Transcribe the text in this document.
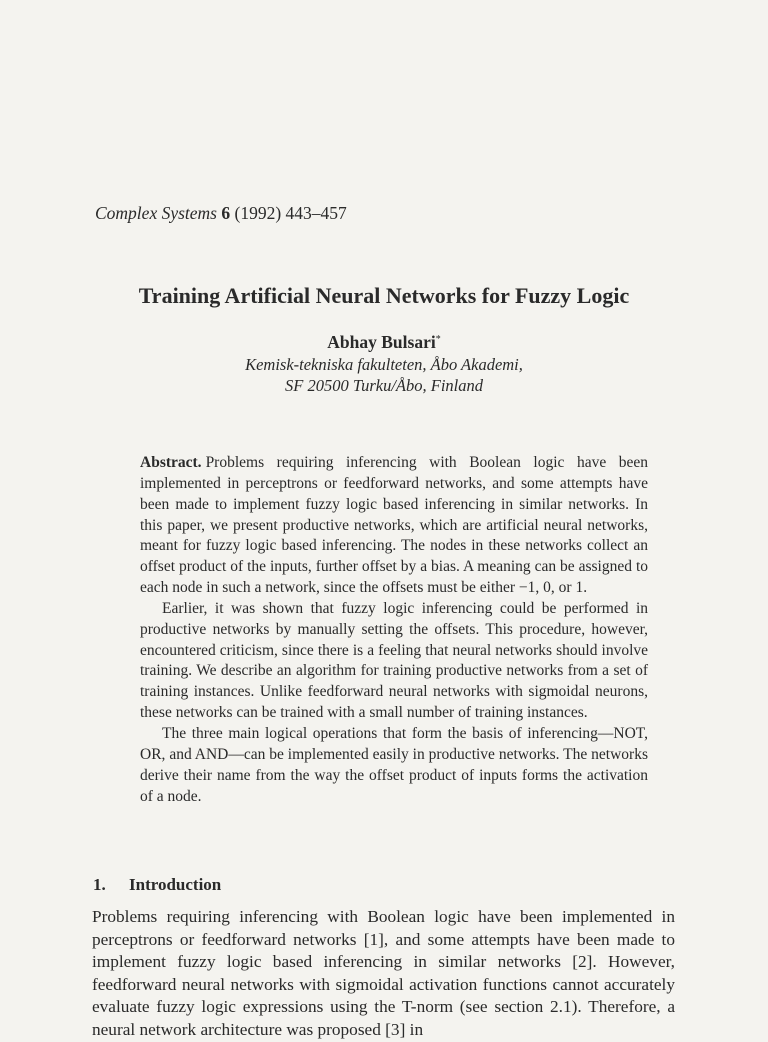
Complex Systems 6 (1992) 443–457
Training Artificial Neural Networks for Fuzzy Logic
Abhay Bulsari*
Kemisk-tekniska fakulteten, Åbo Akademi,
SF 20500 Turku/Åbo, Finland

Abstract. Problems requiring inferencing with Boolean logic have been implemented in perceptrons or feedforward networks, and some attempts have been made to implement fuzzy logic based inferencing in similar networks. In this paper, we present productive networks, which are artificial neural networks, meant for fuzzy logic based inferencing. The nodes in these networks collect an offset product of the inputs, further offset by a bias. A meaning can be assigned to each node in such a network, since the offsets must be either −1, 0, or 1.

Earlier, it was shown that fuzzy logic inferencing could be performed in productive networks by manually setting the offsets. This procedure, however, encountered criticism, since there is a feeling that neural networks should involve training. We describe an algorithm for training productive networks from a set of training instances. Unlike feedforward neural networks with sigmoidal neurons, these networks can be trained with a small number of training instances.

The three main logical operations that form the basis of inferencing—NOT, OR, and AND—can be implemented easily in productive networks. The networks derive their name from the way the offset product of inputs forms the activation of a node.

1. Introduction

Problems requiring inferencing with Boolean logic have been implemented in perceptrons or feedforward networks [1], and some attempts have been made to implement fuzzy logic based inferencing in similar networks [2]. However, feedforward neural networks with sigmoidal activation functions cannot accurately evaluate fuzzy logic expressions using the T-norm (see section 2.1). Therefore, a neural network architecture was proposed [3] in
